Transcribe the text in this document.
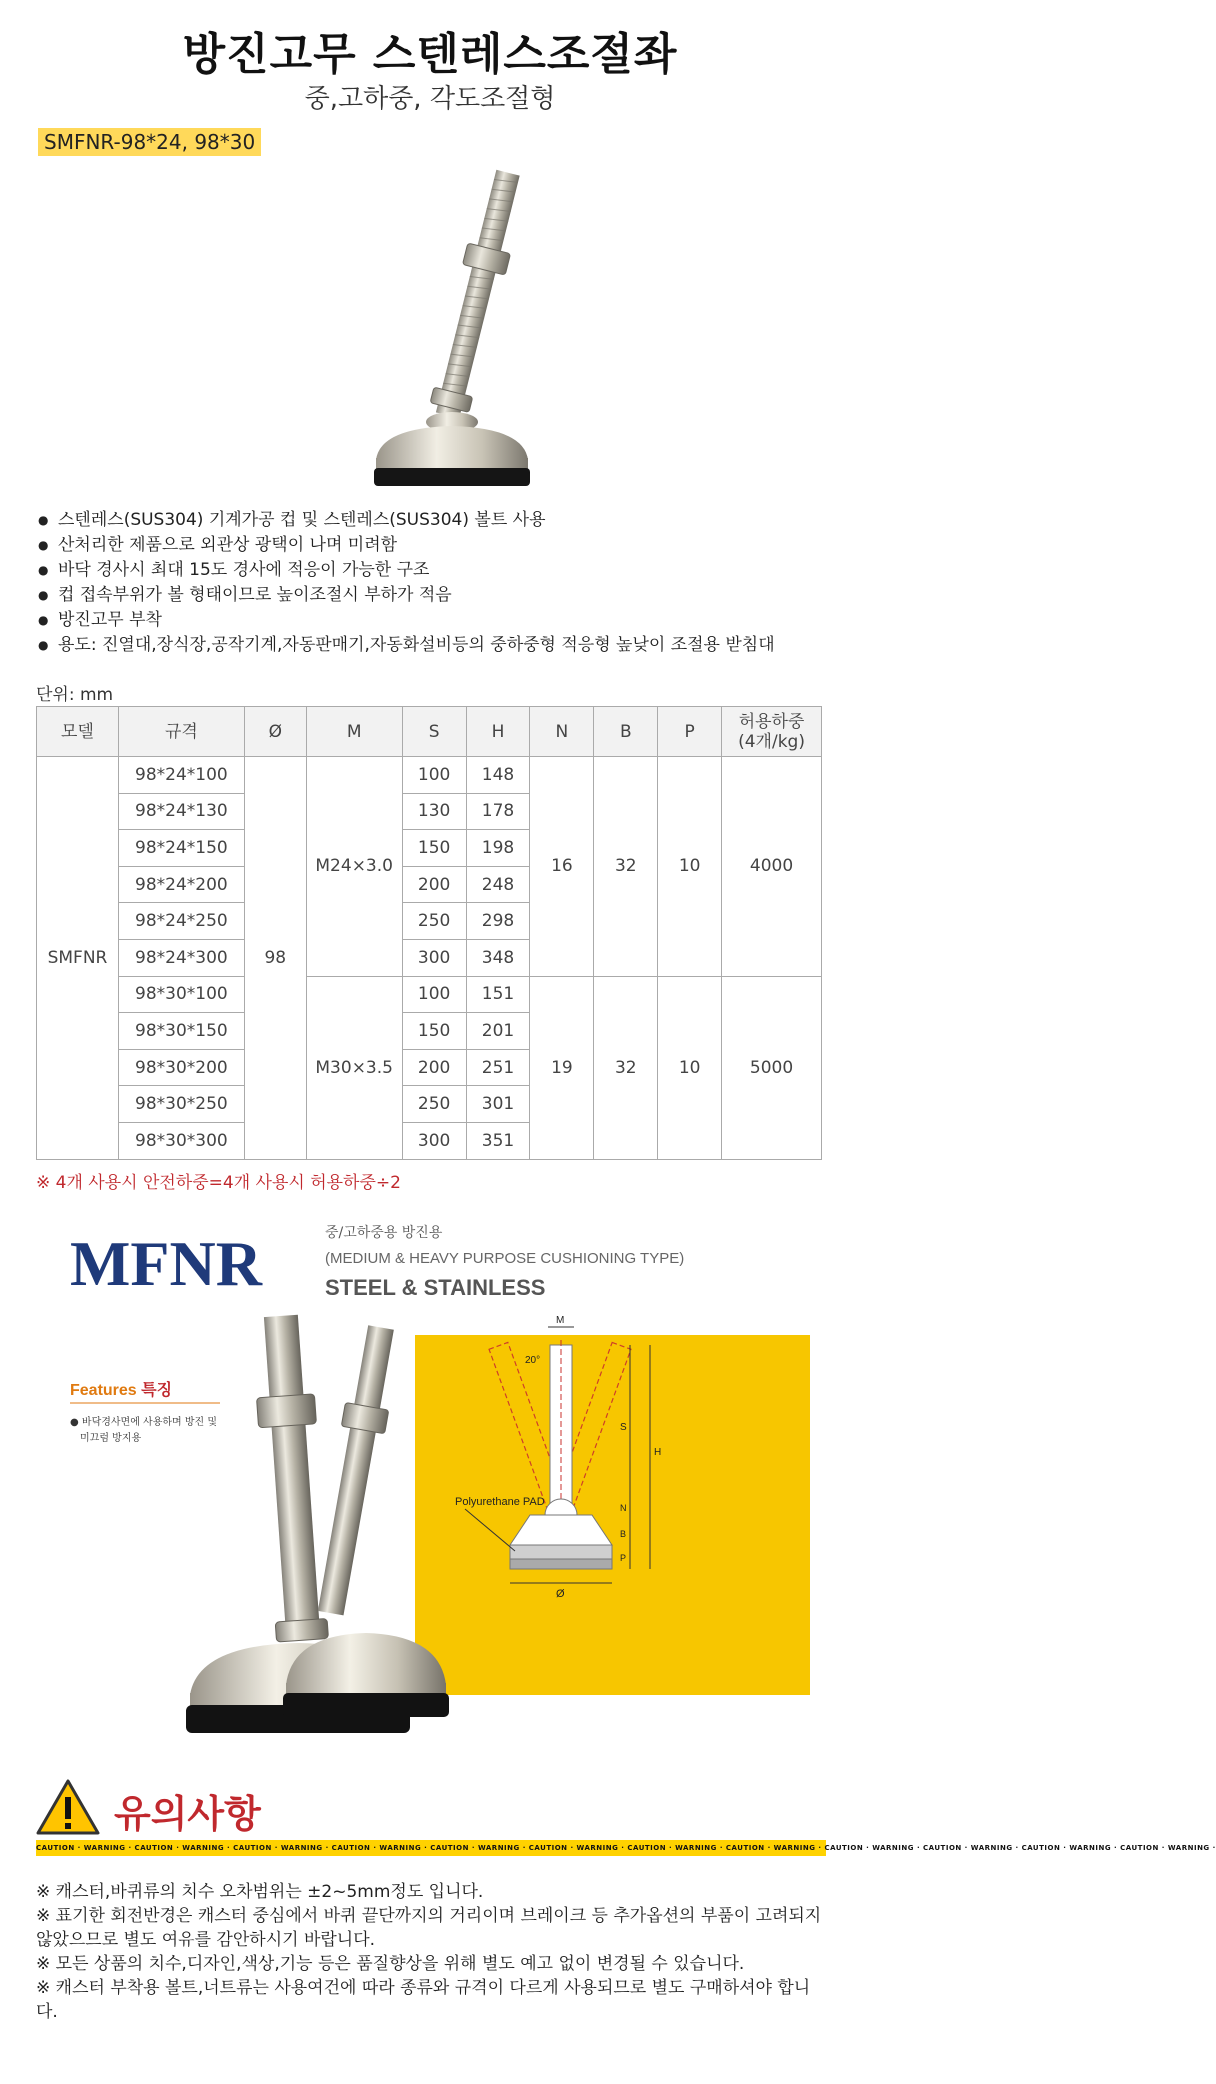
방진고무 스텐레스조절좌
중,고하중, 각도조절형
SMFNR-98*24, 98*30
● 스텐레스(SUS304) 기계가공 컵 및 스텐레스(SUS304) 볼트 사용
● 산처리한 제품으로 외관상 광택이 나며 미려함
● 바닥 경사시 최대 15도 경사에 적응이 가능한 구조
● 컵 접속부위가 볼 형태이므로 높이조절시 부하가 적음
● 방진고무 부착
● 용도: 진열대,장식장,공작기계,자동판매기,자동화설비등의 중하중형 적응형 높낮이 조절용 받침대
단위: mm
모델	규격	Ø	M	S	H	N	B	P	허용하중
(4개/kg)
SMFNR	98*24*100	98	M24×3.0	100	148	16	32	10	4000
	98*24*130			130	178				
	98*24*150			150	198				
	98*24*200			200	248				
	98*24*250			250	298				
	98*24*300			300	348				
	98*30*100		M30×3.5	100	151	19	32	10	5000
	98*30*150			150	201				
	98*30*200			200	251				
	98*30*250			250	301				
	98*30*300			300	351				
※ 4개 사용시 안전하중=4개 사용시 허용하중÷2
MFNR	중/고하중용 방진용
(MEDIUM & HEAVY PURPOSE CUSHIONING TYPE)
STEEL & STAINLESS
M
20°
S
H
N
B
P
Ø
Polyurethane PAD
Features 특징
● 바닥경사면에 사용하며 방진 및
미끄럼 방지용
유의사항
CAUTION · WARNING · CAUTION · WARNING · CAUTION · WARNING · CAUTION · WARNING · CAUTION · WARNING · CAUTION · WARNING · CAUTION · WARNING · CAUTION · WARNING · CAUTION · WARNING · CAUTION · WARNING · CAUTION · WARNING · CAUTION · WARNING ·
※ 캐스터,바퀴류의 치수 오차범위는 ±2~5mm정도 입니다.
※ 표기한 회전반경은 캐스터 중심에서 바퀴 끝단까지의 거리이며 브레이크 등 추가옵션의 부품이 고려되지 않았으므로 별도 여유를 감안하시기 바랍니다.
※ 모든 상품의 치수,디자인,색상,기능 등은 품질향상을 위해 별도 예고 없이 변경될 수 있습니다.
※ 캐스터 부착용 볼트,너트류는 사용여건에 따라 종류와 규격이 다르게 사용되므로 별도 구매하셔야 합니다.
